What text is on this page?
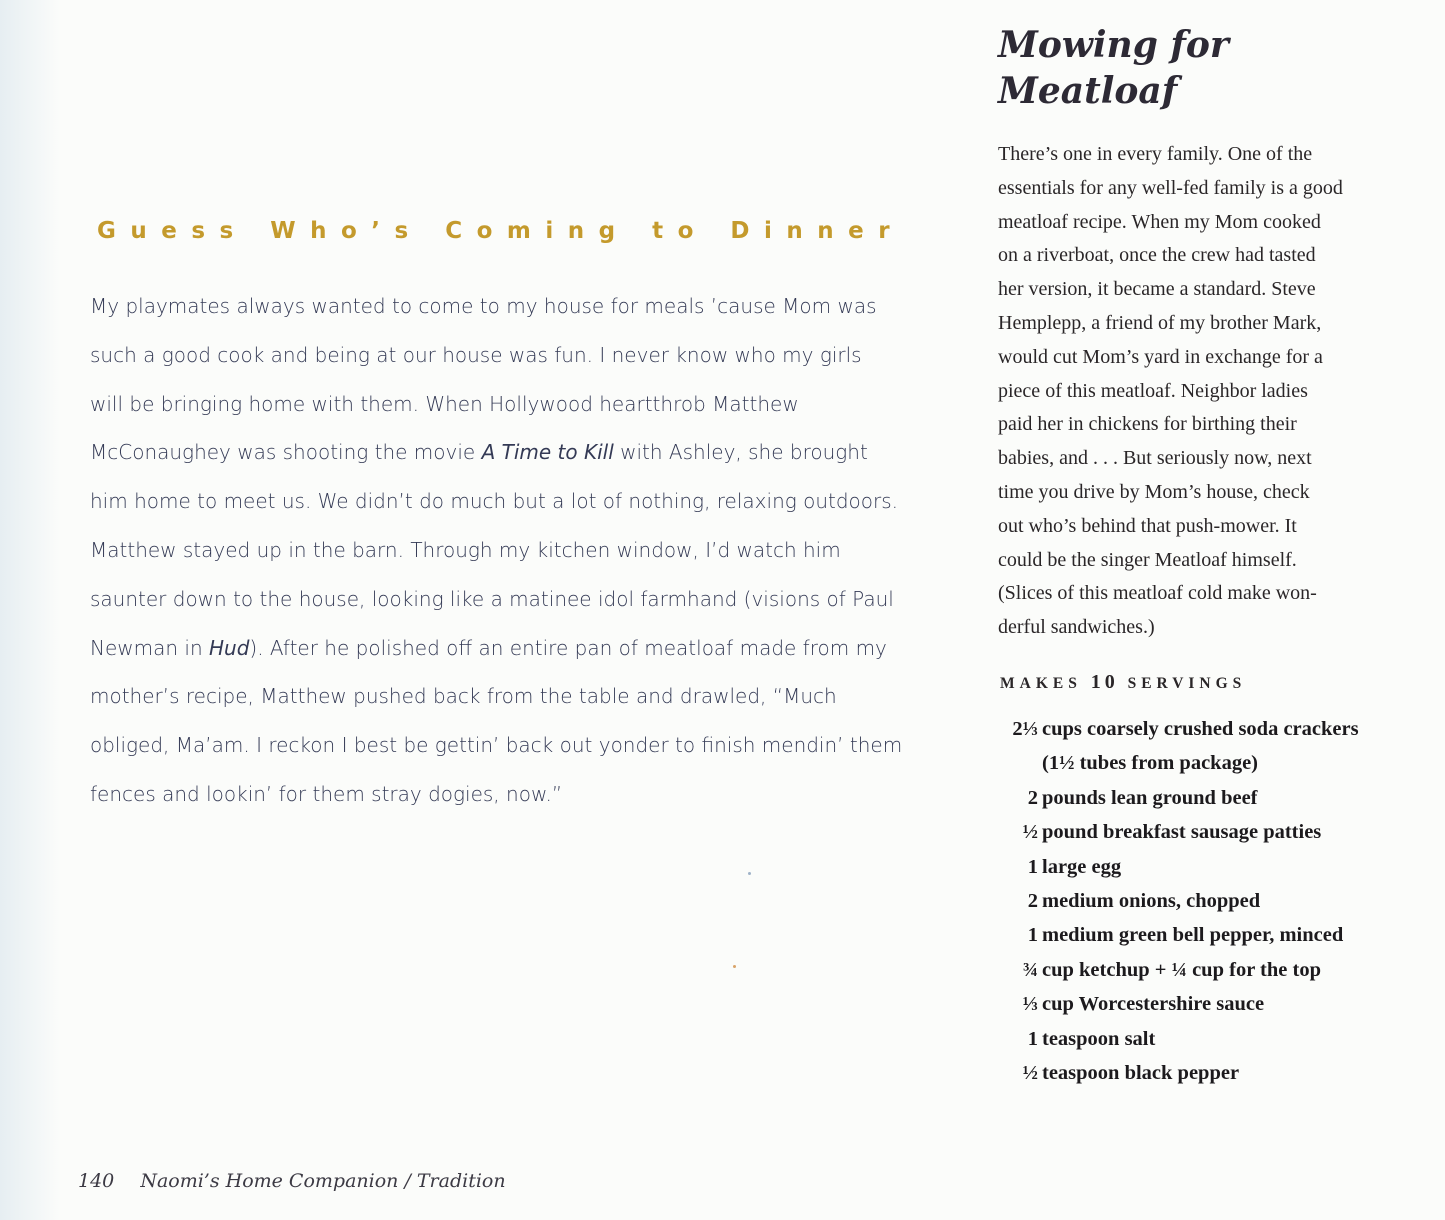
Guess Who’s Coming to Dinner

My playmates always wanted to come to my house for meals ’cause Mom was

such a good cook and being at our house was fun. I never know who my girls

will be bringing home with them. When Hollywood heartthrob Matthew

McConaughey was shooting the movie A Time to Kill with Ashley, she brought

him home to meet us. We didn’t do much but a lot of nothing, relaxing outdoors.

Matthew stayed up in the barn. Through my kitchen window, I’d watch him

saunter down to the house, looking like a matinee idol farmhand (visions of Paul

Newman in Hud). After he polished off an entire pan of meatloaf made from my

mother’s recipe, Matthew pushed back from the table and drawled, “Much

obliged, Ma’am. I reckon I best be gettin’ back out yonder to finish mendin’ them

fences and lookin’ for them stray dogies, now.”

Mowing for
Meatloaf

There’s one in every family. One of the

essentials for any well-fed family is a good

meatloaf recipe. When my Mom cooked

on a riverboat, once the crew had tasted

her version, it became a standard. Steve

Hemplepp, a friend of my brother Mark,

would cut Mom’s yard in exchange for a

piece of this meatloaf. Neighbor ladies

paid her in chickens for birthing their

babies, and . . . But seriously now, next

time you drive by Mom’s house, check

out who’s behind that push-mower. It

could be the singer Meatloaf himself.

(Slices of this meatloaf cold make won-

derful sandwiches.)

MAKES 10 SERVINGS
2⅓ cups coarsely crushed soda crackers
(1½ tubes from package)
2 pounds lean ground beef
½ pound breakfast sausage patties
1 large egg
2 medium onions, chopped
1 medium green bell pepper, minced
¾ cup ketchup + ¼ cup for the top
⅓ cup Worcestershire sauce
1 teaspoon salt
½ teaspoon black pepper
140 Naomi’s Home Companion / Tradition
